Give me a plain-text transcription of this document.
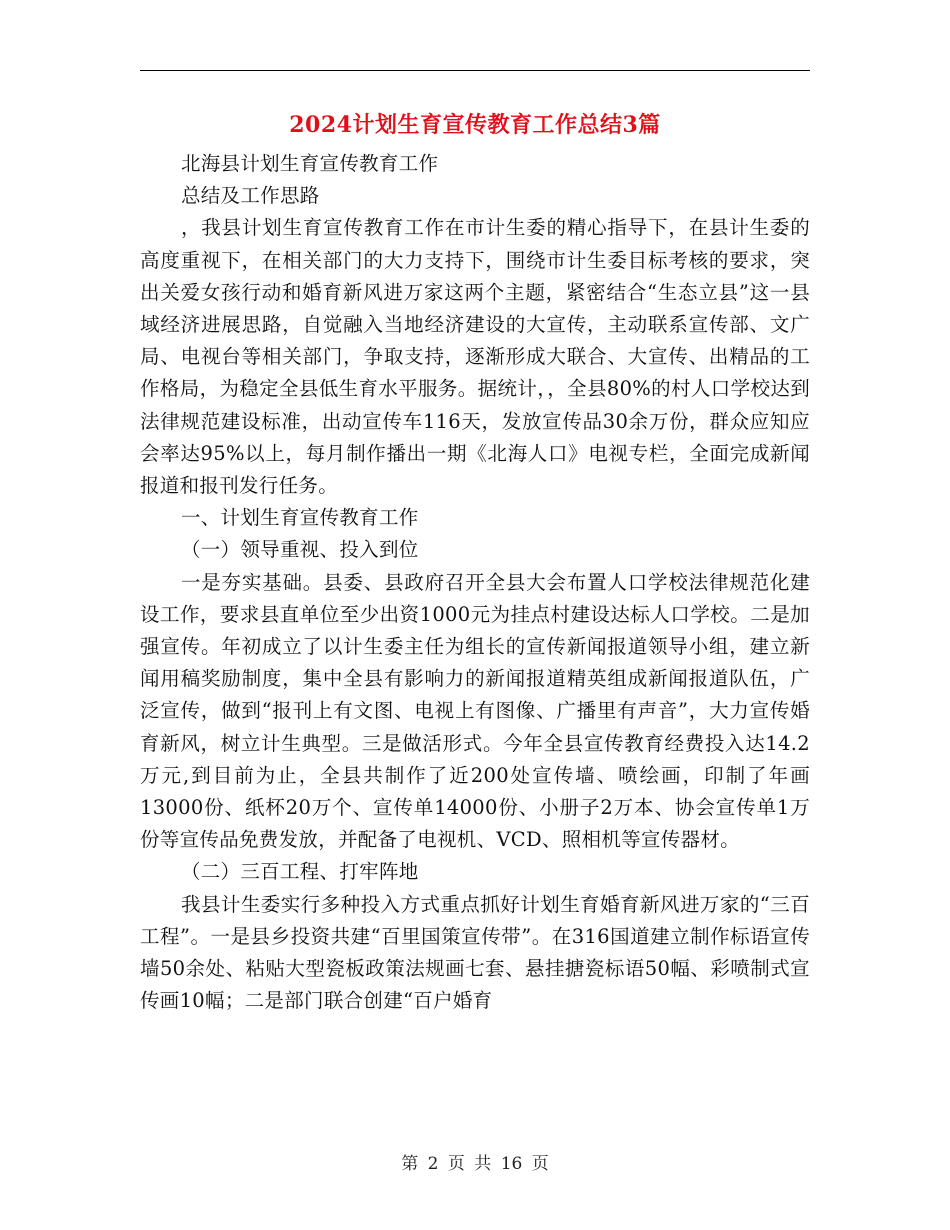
2024计划生育宣传教育工作总结3篇

北海县计划生育宣传教育工作

总结及工作思路

，我县计划生育宣传教育工作在市计生委的精心指导下，在县计生委的高度重视下，在相关部门的大力支持下，围绕市计生委目标考核的要求，突出关爱女孩行动和婚育新风进万家这两个主题，紧密结合“生态立县”这一县域经济进展思路，自觉融入当地经济建设的大宣传，主动联系宣传部、文广局、电视台等相关部门，争取支持，逐渐形成大联合、大宣传、出精品的工作格局，为稳定全县低生育水平服务。据统计，，全县80%的村人口学校达到法律规范建设标准，出动宣传车116天，发放宣传品30余万份，群众应知应会率达95%以上，每月制作播出一期《北海人口》电视专栏，全面完成新闻报道和报刊发行任务。

一、计划生育宣传教育工作

（一）领导重视、投入到位

一是夯实基础。县委、县政府召开全县大会布置人口学校法律规范化建设工作，要求县直单位至少出资1000元为挂点村建设达标人口学校。二是加强宣传。年初成立了以计生委主任为组长的宣传新闻报道领导小组，建立新闻用稿奖励制度，集中全县有影响力的新闻报道精英组成新闻报道队伍，广泛宣传，做到“报刊上有文图、电视上有图像、广播里有声音”，大力宣传婚育新风，树立计生典型。三是做活形式。今年全县宣传教育经费投入达14.2万元,到目前为止，全县共制作了近200处宣传墙、喷绘画，印制了年画13000份、纸杯20万个、宣传单14000份、小册子2万本、协会宣传单1万份等宣传品免费发放，并配备了电视机、VCD、照相机等宣传器材。

（二）三百工程、打牢阵地

我县计生委实行多种投入方式重点抓好计划生育婚育新风进万家的“三百工程”。一是县乡投资共建“百里国策宣传带”。在316国道建立制作标语宣传墙50余处、粘贴大型瓷板政策法规画七套、悬挂搪瓷标语50幅、彩喷制式宣传画10幅；二是部门联合创建“百户婚育

第 2 页 共 16 页
